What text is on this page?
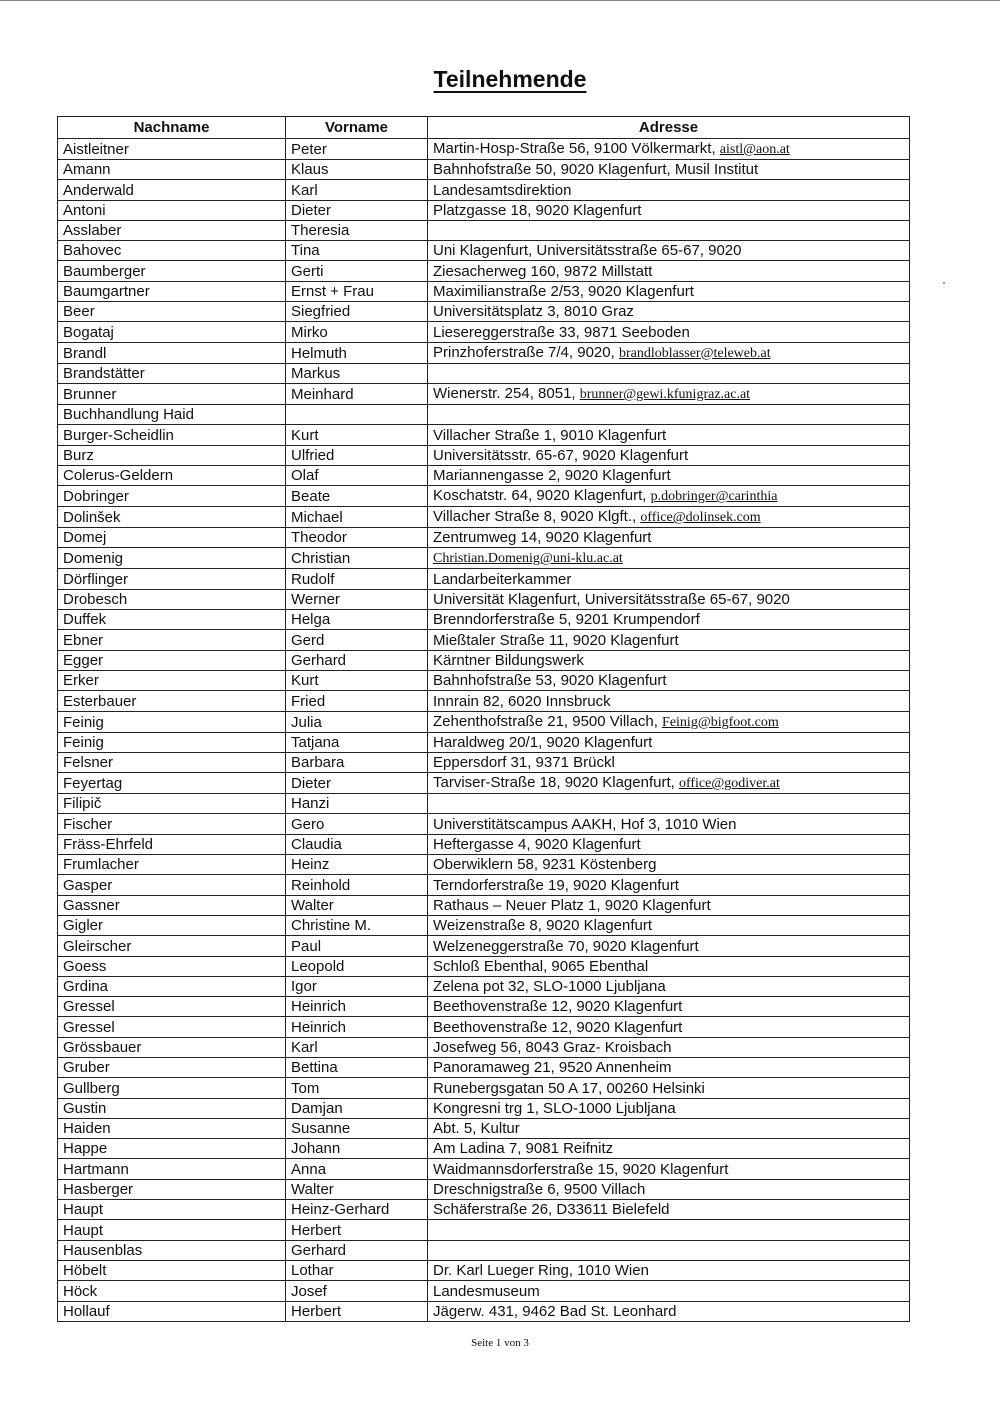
Teilnehmende
Nachname	Vorname	Adresse
Aistleitner	Peter	Martin-Hosp-Straße 56, 9100 Völkermarkt, aistl@aon.at
Amann	Klaus	Bahnhofstraße 50, 9020 Klagenfurt, Musil Institut
Anderwald	Karl	Landesamtsdirektion
Antoni	Dieter	Platzgasse 18, 9020 Klagenfurt
Asslaber	Theresia	
Bahovec	Tina	Uni Klagenfurt, Universitätsstraße 65-67, 9020
Baumberger	Gerti	Ziesacherweg 160, 9872 Millstatt
Baumgartner	Ernst + Frau	Maximilianstraße 2/53, 9020 Klagenfurt
Beer	Siegfried	Universitätsplatz 3, 8010 Graz
Bogataj	Mirko	Liesereggerstraße 33, 9871 Seeboden
Brandl	Helmuth	Prinzhoferstraße 7/4, 9020, brandloblasser@teleweb.at
Brandstätter	Markus	
Brunner	Meinhard	Wienerstr. 254, 8051, brunner@gewi.kfunigraz.ac.at
Buchhandlung Haid		
Burger-Scheidlin	Kurt	Villacher Straße 1, 9010 Klagenfurt
Burz	Ulfried	Universitätsstr. 65-67, 9020 Klagenfurt
Colerus-Geldern	Olaf	Mariannengasse 2, 9020 Klagenfurt
Dobringer	Beate	Koschatstr. 64, 9020 Klagenfurt, p.dobringer@carinthia
Dolinšek	Michael	Villacher Straße 8, 9020 Klgft., office@dolinsek.com
Domej	Theodor	Zentrumweg 14, 9020 Klagenfurt
Domenig	Christian	Christian.Domenig@uni-klu.ac.at
Dörflinger	Rudolf	Landarbeiterkammer
Drobesch	Werner	Universität Klagenfurt, Universitätsstraße 65-67, 9020
Duffek	Helga	Brenndorferstraße 5, 9201 Krumpendorf
Ebner	Gerd	Mießtaler Straße 11, 9020 Klagenfurt
Egger	Gerhard	Kärntner Bildungswerk
Erker	Kurt	Bahnhofstraße 53, 9020 Klagenfurt
Esterbauer	Fried	Innrain 82, 6020 Innsbruck
Feinig	Julia	Zehenthofstraße 21, 9500 Villach, Feinig@bigfoot.com
Feinig	Tatjana	Haraldweg 20/1, 9020 Klagenfurt
Felsner	Barbara	Eppersdorf 31, 9371 Brückl
Feyertag	Dieter	Tarviser-Straße 18, 9020 Klagenfurt, office@godiver.at
Filipič	Hanzi	
Fischer	Gero	Universtitätscampus AAKH, Hof 3, 1010 Wien
Fräss-Ehrfeld	Claudia	Heftergasse 4, 9020 Klagenfurt
Frumlacher	Heinz	Oberwiklern 58, 9231 Köstenberg
Gasper	Reinhold	Terndorferstraße 19, 9020 Klagenfurt
Gassner	Walter	Rathaus – Neuer Platz 1, 9020 Klagenfurt
Gigler	Christine M.	Weizenstraße 8, 9020 Klagenfurt
Gleirscher	Paul	Welzeneggerstraße 70, 9020 Klagenfurt
Goess	Leopold	Schloß Ebenthal, 9065 Ebenthal
Grdina	Igor	Zelena pot 32, SLO-1000 Ljubljana
Gressel	Heinrich	Beethovenstraße 12, 9020 Klagenfurt
Gressel	Heinrich	Beethovenstraße 12, 9020 Klagenfurt
Grössbauer	Karl	Josefweg 56, 8043 Graz- Kroisbach
Gruber	Bettina	Panoramaweg 21, 9520 Annenheim
Gullberg	Tom	Runebergsgatan 50 A 17, 00260 Helsinki
Gustin	Damjan	Kongresni trg 1, SLO-1000 Ljubljana
Haiden	Susanne	Abt. 5, Kultur
Happe	Johann	Am Ladina 7, 9081 Reifnitz
Hartmann	Anna	Waidmannsdorferstraße 15, 9020 Klagenfurt
Hasberger	Walter	Dreschnigstraße 6, 9500 Villach
Haupt	Heinz-Gerhard	Schäferstraße 26, D33611 Bielefeld
Haupt	Herbert	
Hausenblas	Gerhard	
Höbelt	Lothar	Dr. Karl Lueger Ring, 1010 Wien
Höck	Josef	Landesmuseum
Hollauf	Herbert	Jägerw. 431, 9462 Bad St. Leonhard
Seite 1 von 3
